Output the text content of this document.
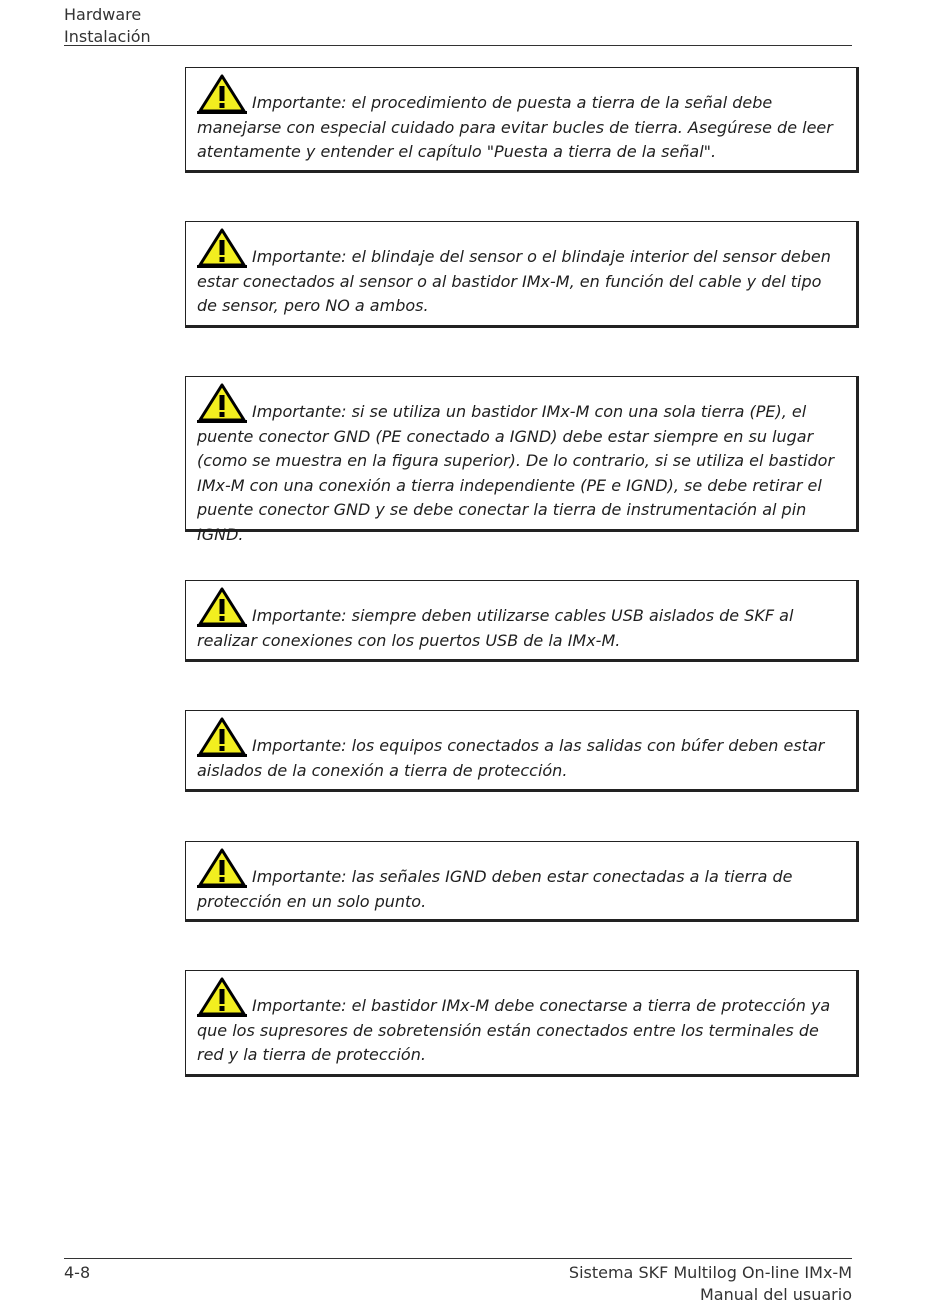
Hardware
Instalación
Importante: el procedimiento de puesta a tierra de la señal debe manejarse con especial cuidado para evitar bucles de tierra. Asegúrese de leer atentamente y entender el capítulo "Puesta a tierra de la señal".
Importante: el blindaje del sensor o el blindaje interior del sensor deben estar conectados al sensor o al bastidor IMx-M, en función del cable y del tipo de sensor, pero NO a ambos.
Importante: si se utiliza un bastidor IMx-M con una sola tierra (PE), el puente conector GND (PE conectado a IGND) debe estar siempre en su lugar (como se muestra en la figura superior). De lo contrario, si se utiliza el bastidor IMx-M con una conexión a tierra independiente (PE e IGND), se debe retirar el puente conector GND y se debe conectar la tierra de instrumentación al pin IGND.
Importante: siempre deben utilizarse cables USB aislados de SKF al realizar conexiones con los puertos USB de la IMx-M.
Importante: los equipos conectados a las salidas con búfer deben estar aislados de la conexión a tierra de protección.
Importante: las señales IGND deben estar conectadas a la tierra de protección en un solo punto.
Importante: el bastidor IMx-M debe conectarse a tierra de protección ya que los supresores de sobretensión están conectados entre los terminales de red y la tierra de protección.
4-8	Sistema SKF Multilog On-line IMx-M
Manual del usuario
